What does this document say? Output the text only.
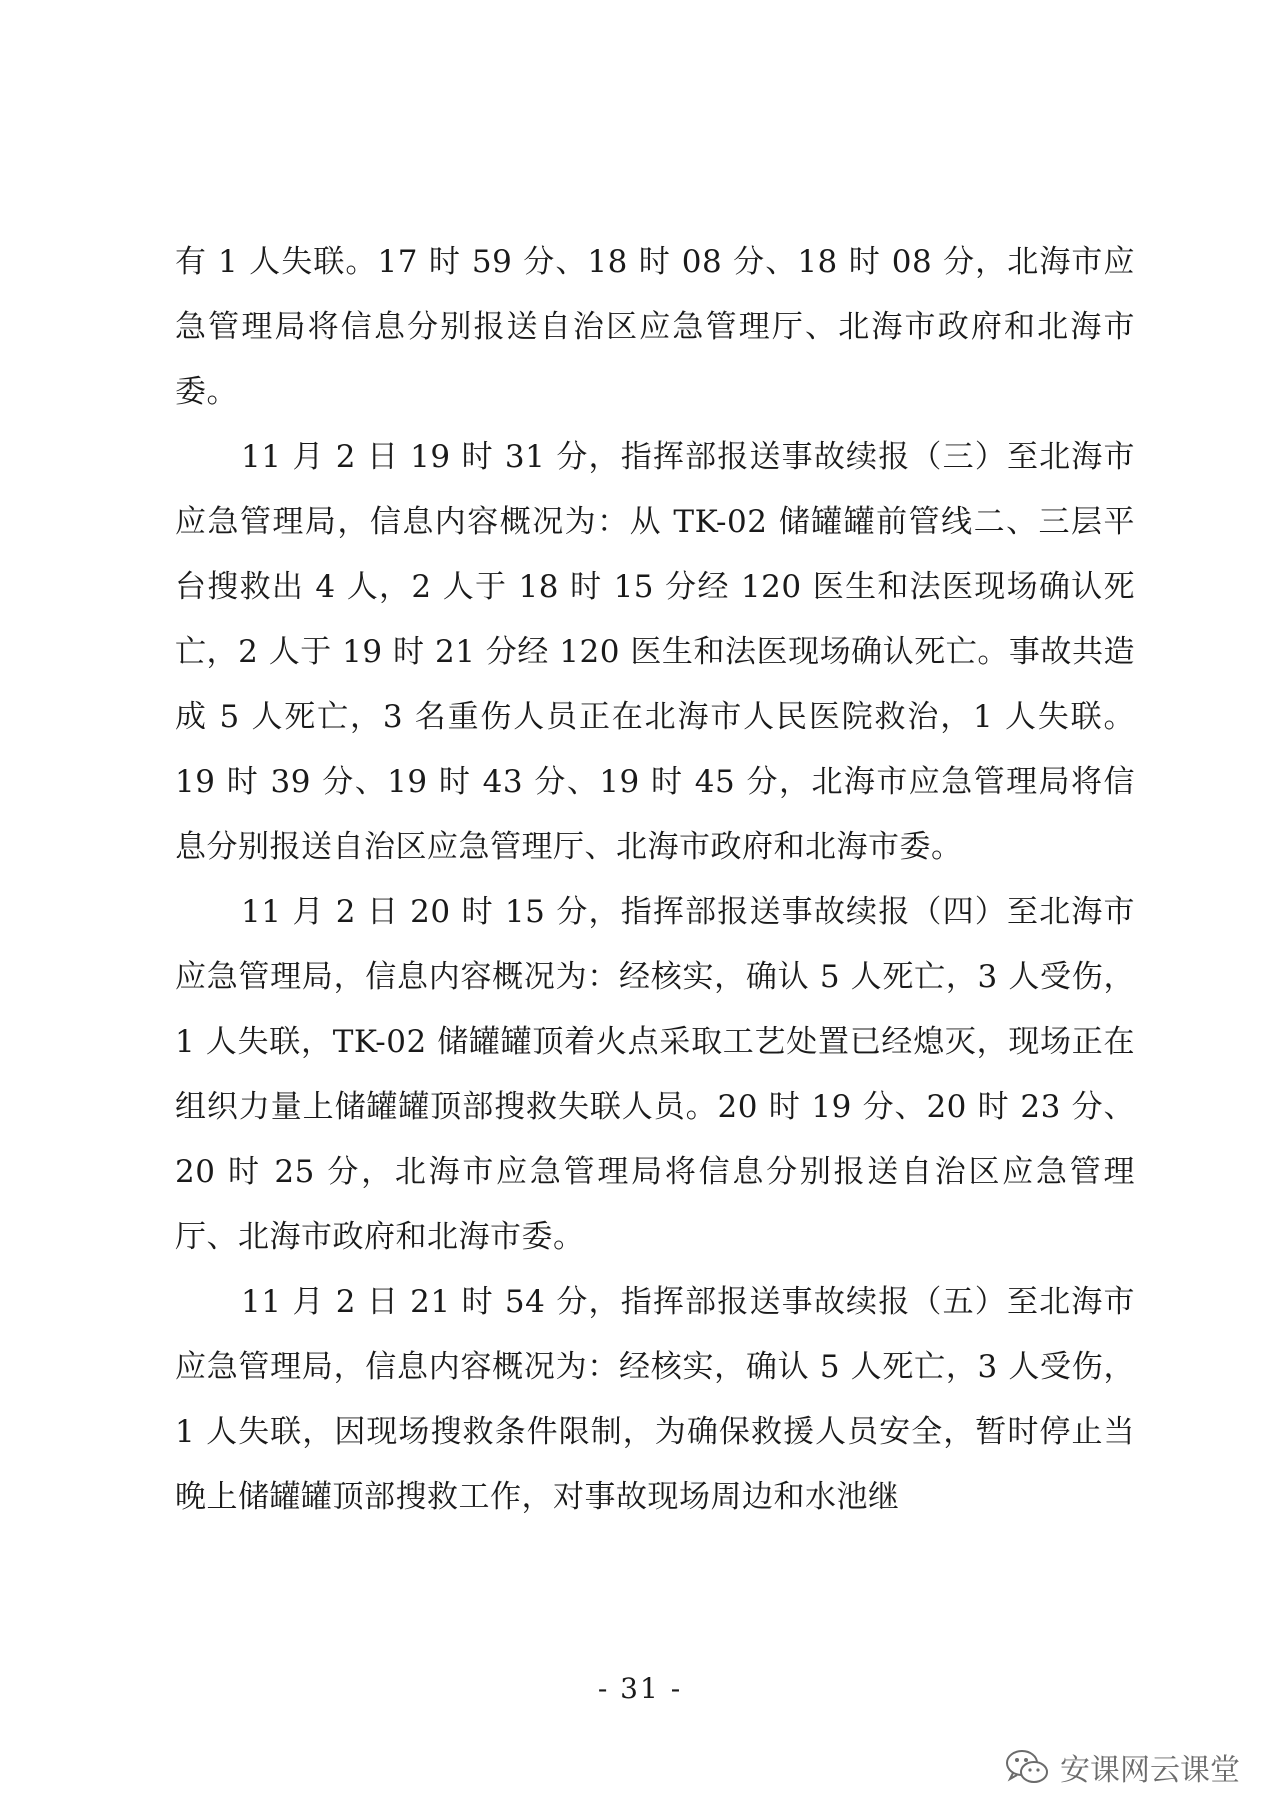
有 1 人失联。17 时 59 分、18 时 08 分、18 时 08 分，北海市应急管理局将信息分别报送自治区应急管理厅、北海市政府和北海市委。

11 月 2 日 19 时 31 分，指挥部报送事故续报（三）至北海市应急管理局，信息内容概况为：从 TK-02 储罐罐前管线二、三层平台搜救出 4 人，2 人于 18 时 15 分经 120 医生和法医现场确认死亡，2 人于 19 时 21 分经 120 医生和法医现场确认死亡。事故共造成 5 人死亡，3 名重伤人员正在北海市人民医院救治，1 人失联。19 时 39 分、19 时 43 分、19 时 45 分，北海市应急管理局将信息分别报送自治区应急管理厅、北海市政府和北海市委。

11 月 2 日 20 时 15 分，指挥部报送事故续报（四）至北海市应急管理局，信息内容概况为：经核实，确认 5 人死亡，3 人受伤，1 人失联，TK-02 储罐罐顶着火点采取工艺处置已经熄灭，现场正在组织力量上储罐罐顶部搜救失联人员。20 时 19 分、20 时 23 分、20 时 25 分，北海市应急管理局将信息分别报送自治区应急管理厅、北海市政府和北海市委。

11 月 2 日 21 时 54 分，指挥部报送事故续报（五）至北海市应急管理局，信息内容概况为：经核实，确认 5 人死亡，3 人受伤，1 人失联，因现场搜救条件限制，为确保救援人员安全，暂时停止当晚上储罐罐顶部搜救工作，对事故现场周边和水池继

- 31 -
安课网云课堂
